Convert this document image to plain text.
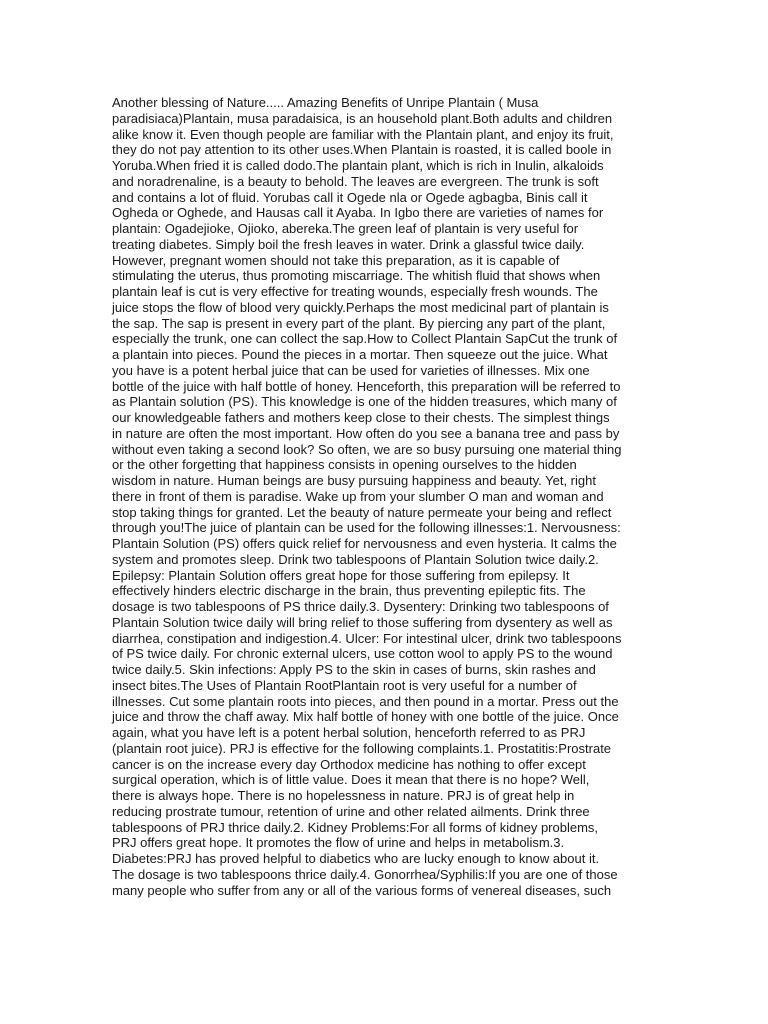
Another blessing of Nature..... Amazing Benefits of Unripe Plantain ( Musa
paradisiaca)Plantain, musa paradaisica, is an household plant.Both adults and children
alike know it. Even though people are familiar with the Plantain plant, and enjoy its fruit,
they do not pay attention to its other uses.When Plantain is roasted, it is called boole in
Yoruba.When fried it is called dodo.The plantain plant, which is rich in Inulin, alkaloids
and noradrenaline, is a beauty to behold. The leaves are evergreen. The trunk is soft
and contains a lot of fluid. Yorubas call it Ogede nla or Ogede agbagba, Binis call it
Ogheda or Oghede, and Hausas call it Ayaba. In Igbo there are varieties of names for
plantain: Ogadejioke, Ojioko, abereka.The green leaf of plantain is very useful for
treating diabetes. Simply boil the fresh leaves in water. Drink a glassful twice daily.
However, pregnant women should not take this preparation, as it is capable of
stimulating the uterus, thus promoting miscarriage. The whitish fluid that shows when
plantain leaf is cut is very effective for treating wounds, especially fresh wounds. The
juice stops the flow of blood very quickly.Perhaps the most medicinal part of plantain is
the sap. The sap is present in every part of the plant. By piercing any part of the plant,
especially the trunk, one can collect the sap.How to Collect Plantain SapCut the trunk of
a plantain into pieces. Pound the pieces in a mortar. Then squeeze out the juice. What
you have is a potent herbal juice that can be used for varieties of illnesses. Mix one
bottle of the juice with half bottle of honey. Henceforth, this preparation will be referred to
as Plantain solution (PS). This knowledge is one of the hidden treasures, which many of
our knowledgeable fathers and mothers keep close to their chests. The simplest things
in nature are often the most important. How often do you see a banana tree and pass by
without even taking a second look? So often, we are so busy pursuing one material thing
or the other forgetting that happiness consists in opening ourselves to the hidden
wisdom in nature. Human beings are busy pursuing happiness and beauty. Yet, right
there in front of them is paradise. Wake up from your slumber O man and woman and
stop taking things for granted. Let the beauty of nature permeate your being and reflect
through you!The juice of plantain can be used for the following illnesses:1. Nervousness:
Plantain Solution (PS) offers quick relief for nervousness and even hysteria. It calms the
system and promotes sleep. Drink two tablespoons of Plantain Solution twice daily.2.
Epilepsy: Plantain Solution offers great hope for those suffering from epilepsy. It
effectively hinders electric discharge in the brain, thus preventing epileptic fits. The
dosage is two tablespoons of PS thrice daily.3. Dysentery: Drinking two tablespoons of
Plantain Solution twice daily will bring relief to those suffering from dysentery as well as
diarrhea, constipation and indigestion.4. Ulcer: For intestinal ulcer, drink two tablespoons
of PS twice daily. For chronic external ulcers, use cotton wool to apply PS to the wound
twice daily.5. Skin infections: Apply PS to the skin in cases of burns, skin rashes and
insect bites.The Uses of Plantain RootPlantain root is very useful for a number of
illnesses. Cut some plantain roots into pieces, and then pound in a mortar. Press out the
juice and throw the chaff away. Mix half bottle of honey with one bottle of the juice. Once
again, what you have left is a potent herbal solution, henceforth referred to as PRJ
(plantain root juice). PRJ is effective for the following complaints.1. Prostatitis:Prostrate
cancer is on the increase every day Orthodox medicine has nothing to offer except
surgical operation, which is of little value. Does it mean that there is no hope? Well,
there is always hope. There is no hopelessness in nature. PRJ is of great help in
reducing prostrate tumour, retention of urine and other related ailments. Drink three
tablespoons of PRJ thrice daily.2. Kidney Problems:For all forms of kidney problems,
PRJ offers great hope. It promotes the flow of urine and helps in metabolism.3.
Diabetes:PRJ has proved helpful to diabetics who are lucky enough to know about it.
The dosage is two tablespoons thrice daily.4. Gonorrhea/Syphilis:If you are one of those
many people who suffer from any or all of the various forms of venereal diseases, such
